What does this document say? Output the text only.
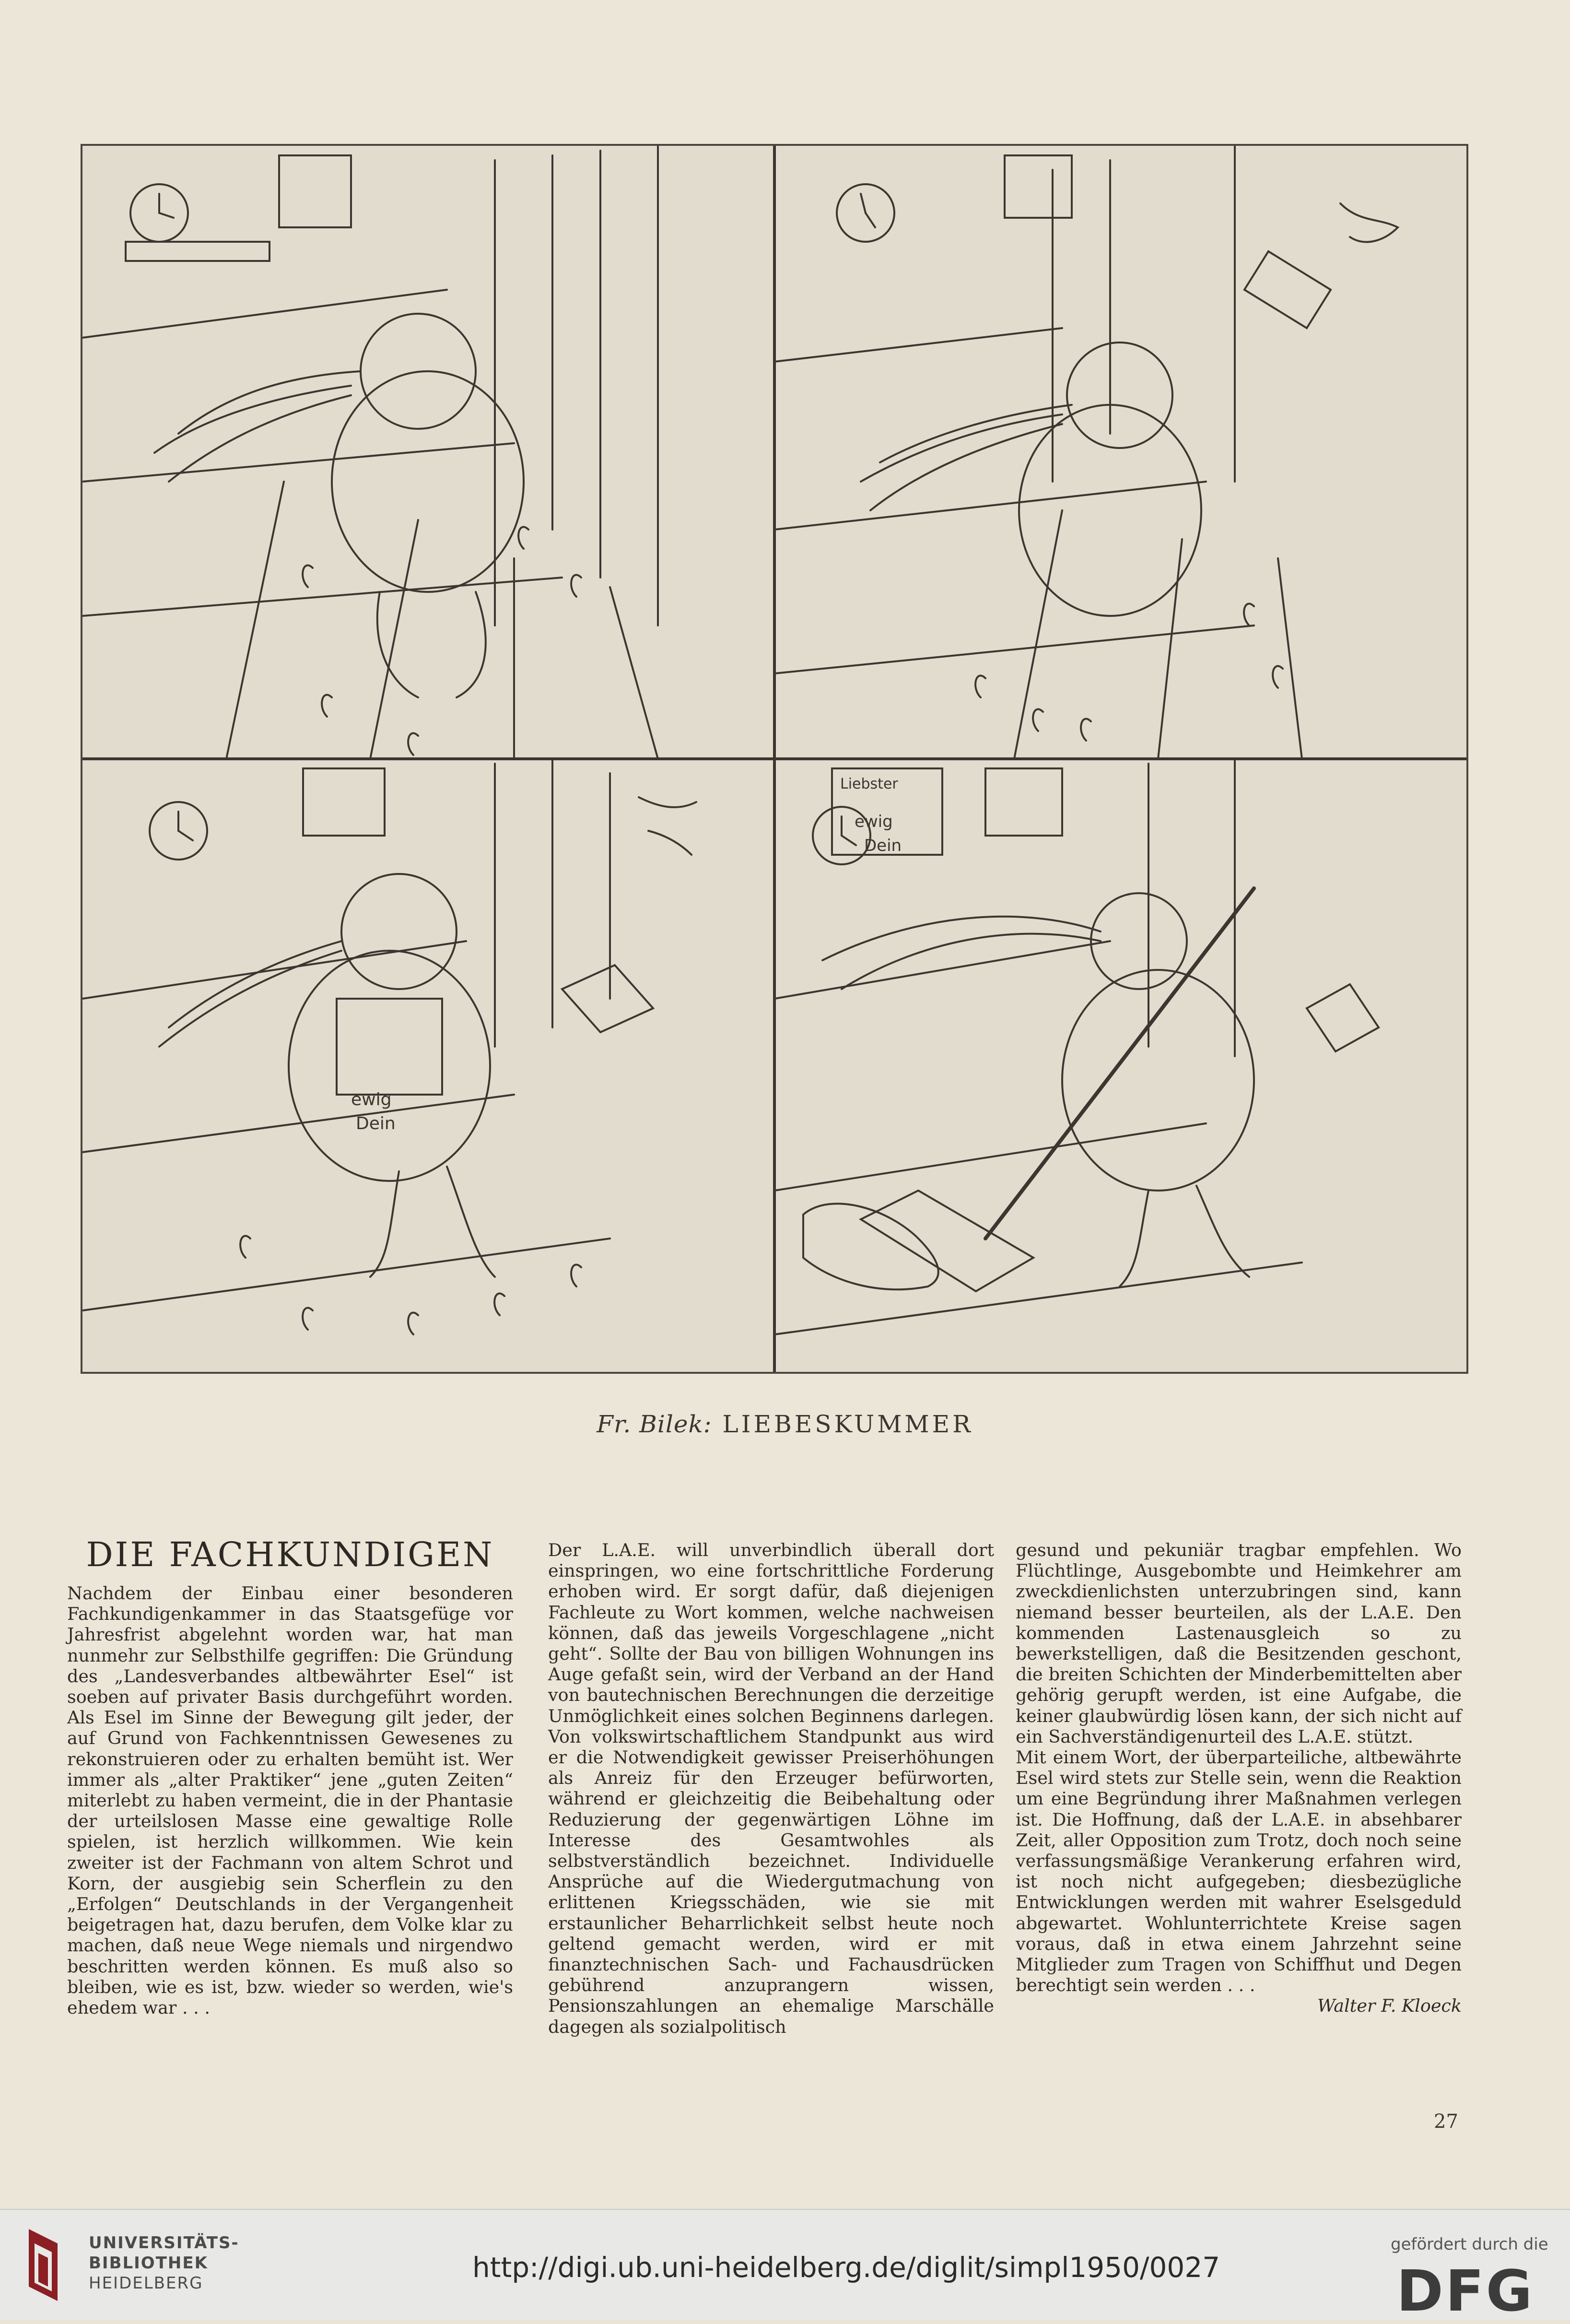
ewig
Dein
Liebster
ewig
Dein
Fr. Bilek: LIEBESKUMMER
DIE FACHKUNDIGEN

Nachdem der Einbau einer besonderen Fachkundigenkammer in das Staatsgefüge vor Jahresfrist abgelehnt worden war, hat man nunmehr zur Selbsthilfe gegriffen: Die Gründung des „Landesverbandes altbewährter Esel“ ist soeben auf privater Basis durchgeführt worden. Als Esel im Sinne der Bewegung gilt jeder, der auf Grund von Fachkenntnissen Gewesenes zu rekonstruieren oder zu erhalten bemüht ist. Wer immer als „alter Praktiker“ jene „guten Zeiten“ miterlebt zu haben vermeint, die in der Phantasie der urteilslosen Masse eine gewaltige Rolle spielen, ist herzlich willkommen. Wie kein zweiter ist der Fachmann von altem Schrot und Korn, der ausgiebig sein Scherflein zu den „Erfolgen“ Deutschlands in der Vergangenheit beigetragen hat, dazu berufen, dem Volke klar zu machen, daß neue Wege niemals und nirgendwo beschritten werden können. Es muß also so bleiben, wie es ist, bzw. wieder so werden, wie's ehedem war . . .

Der L.A.E. will unverbindlich überall dort einspringen, wo eine fortschrittliche Forderung erhoben wird. Er sorgt dafür, daß diejenigen Fachleute zu Wort kommen, welche nachweisen können, daß das jeweils Vorgeschlagene „nicht geht“. Sollte der Bau von billigen Wohnungen ins Auge gefaßt sein, wird der Verband an der Hand von bautechnischen Berechnungen die derzeitige Unmöglichkeit eines solchen Beginnens darlegen. Von volkswirtschaftlichem Standpunkt aus wird er die Notwendigkeit gewisser Preiserhöhungen als Anreiz für den Erzeuger befürworten, während er gleichzeitig die Beibehaltung oder Reduzierung der gegenwärtigen Löhne im Interesse des Gesamtwohles als selbstverständlich bezeichnet. Individuelle Ansprüche auf die Wiedergutmachung von erlittenen Kriegsschäden, wie sie mit erstaunlicher Beharrlichkeit selbst heute noch geltend gemacht werden, wird er mit finanztechnischen Sach- und Fachausdrücken gebührend anzuprangern wissen, Pensionszahlungen an ehemalige Marschälle dagegen als sozialpolitisch

gesund und pekuniär tragbar empfehlen. Wo Flüchtlinge, Ausgebombte und Heimkehrer am zweckdienlichsten unterzubringen sind, kann niemand besser beurteilen, als der L.A.E. Den kommenden Lastenausgleich so zu bewerkstelligen, daß die Besitzenden geschont, die breiten Schichten der Minderbemittelten aber gehörig gerupft werden, ist eine Aufgabe, die keiner glaubwürdig lösen kann, der sich nicht auf ein Sachverständigenurteil des L.A.E. stützt.

Mit einem Wort, der überparteiliche, altbewährte Esel wird stets zur Stelle sein, wenn die Reaktion um eine Begründung ihrer Maßnahmen verlegen ist. Die Hoffnung, daß der L.A.E. in absehbarer Zeit, aller Opposition zum Trotz, doch noch seine verfassungsmäßige Verankerung erfahren wird, ist noch nicht aufgegeben; diesbezügliche Entwicklungen werden mit wahrer Eselsgeduld abgewartet. Wohlunterrichtete Kreise sagen voraus, daß in etwa einem Jahrzehnt seine Mitglieder zum Tragen von Schiffhut und Degen berechtigt sein werden . . .

Walter F. Kloeck

27
UNIVERSITÄTS-
BIBLIOTHEK
HEIDELBERG	http://digi.ub.uni-heidelberg.de/diglit/simpl1950/0027
gefördert durch die
DFG
